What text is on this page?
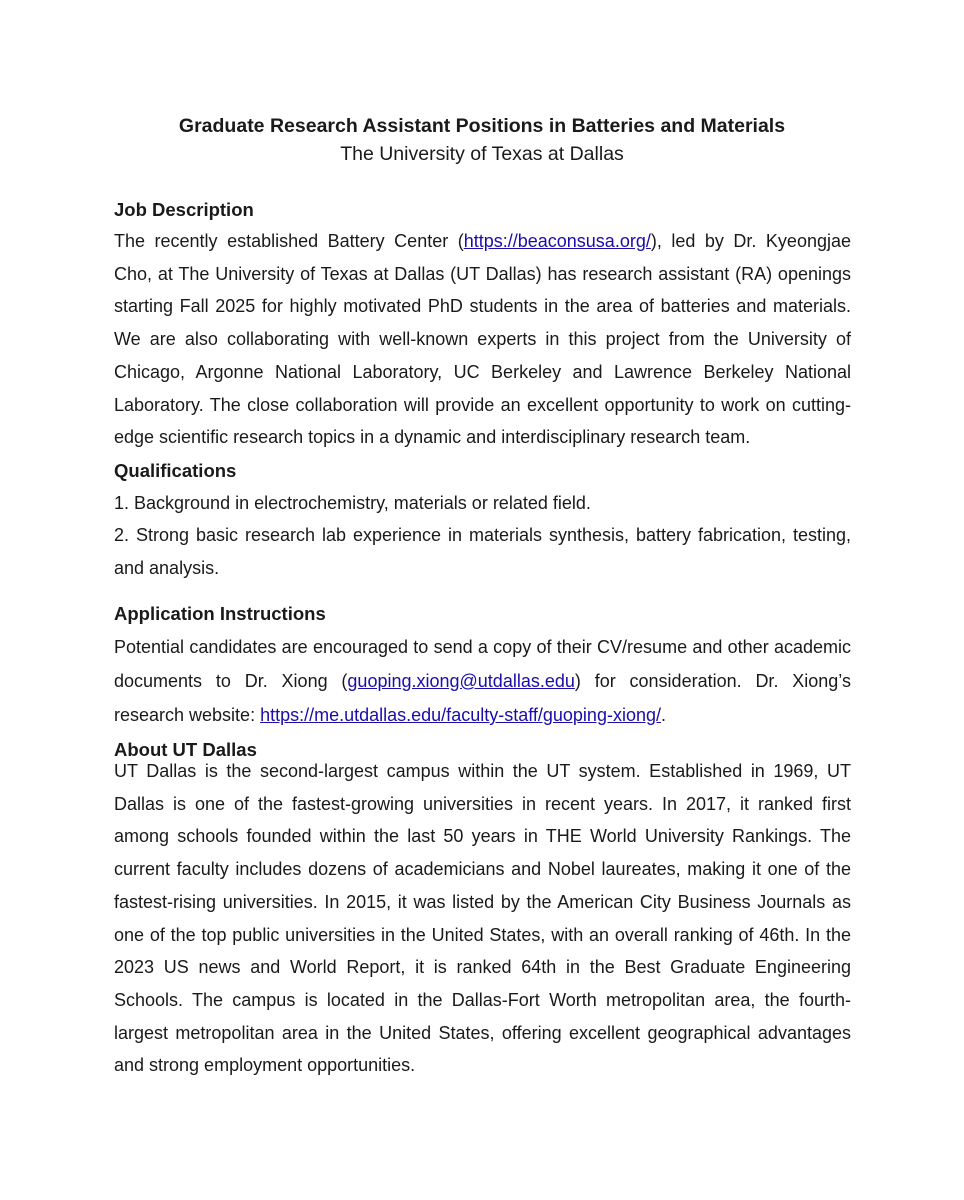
Graduate Research Assistant Positions in Batteries and Materials
The University of Texas at Dallas
Job Description

The recently established Battery Center (https://beaconsusa.org/), led by Dr. Kyeongjae Cho, at The University of Texas at Dallas (UT Dallas) has research assistant (RA) openings starting Fall 2025 for highly motivated PhD students in the area of batteries and materials. We are also collaborating with well-known experts in this project from the University of Chicago, Argonne National Laboratory, UC Berkeley and Lawrence Berkeley National Laboratory. The close collaboration will provide an excellent opportunity to work on cutting-edge scientific research topics in a dynamic and interdisciplinary research team.

Qualifications

1. Background in electrochemistry, materials or related field.

2. Strong basic research lab experience in materials synthesis, battery fabrication, testing, and analysis.

Application Instructions

Potential candidates are encouraged to send a copy of their CV/resume and other academic documents to Dr. Xiong (guoping.xiong@utdallas.edu) for consideration. Dr. Xiong’s research website: https://me.utdallas.edu/faculty-staff/guoping-xiong/.

About UT Dallas

UT Dallas is the second-largest campus within the UT system. Established in 1969, UT Dallas is one of the fastest-growing universities in recent years. In 2017, it ranked first among schools founded within the last 50 years in THE World University Rankings. The current faculty includes dozens of academicians and Nobel laureates, making it one of the fastest-rising universities. In 2015, it was listed by the American City Business Journals as one of the top public universities in the United States, with an overall ranking of 46th. In the 2023 US news and World Report, it is ranked 64th in the Best Graduate Engineering Schools. The campus is located in the Dallas-Fort Worth metropolitan area, the fourth-largest metropolitan area in the United States, offering excellent geographical advantages and strong employment opportunities.
